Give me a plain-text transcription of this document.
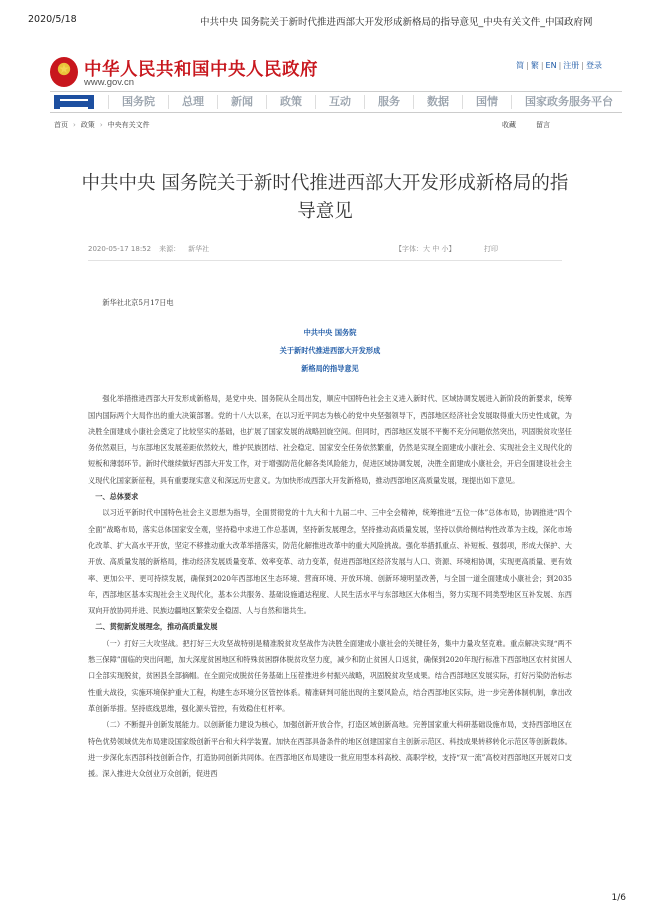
2020/5/18	中共中央 国务院关于新时代推进西部大开发形成新格局的指导意见_中央有关文件_中国政府网
中华人民共和国中央人民政府
www.gov.cn
简 | 繁 | EN | 注册 | 登录
国务院	总理	新闻	政策	互动	服务	数据	国情	国家政务服务平台
首页 › 政策 › 中央有关文件	收藏	留言
中共中央 国务院关于新时代推进西部大开发形成新格局的指导意见
2020-05-17 18:52 来源： 新华社	【字体：大 中 小】	打印

新华社北京5月17日电

中共中央 国务院

关于新时代推进西部大开发形成

新格局的指导意见

强化举措推进西部大开发形成新格局，是党中央、国务院从全局出发，顺应中国特色社会主义进入新时代、区域协调发展进入新阶段的新要求，统筹国内国际两个大局作出的重大决策部署。党的十八大以来，在以习近平同志为核心的党中央坚强领导下，西部地区经济社会发展取得重大历史性成就，为决胜全面建成小康社会奠定了比较坚实的基础，也扩展了国家发展的战略回旋空间。但同时，西部地区发展不平衡不充分问题依然突出，巩固脱贫攻坚任务依然艰巨，与东部地区发展差距依然较大，维护民族团结、社会稳定、国家安全任务依然繁重，仍然是实现全面建成小康社会、实现社会主义现代化的短板和薄弱环节。新时代继续做好西部大开发工作，对于增强防范化解各类风险能力，促进区域协调发展，决胜全面建成小康社会，开启全面建设社会主义现代化国家新征程，具有重要现实意义和深远历史意义。为加快形成西部大开发新格局，推动西部地区高质量发展，现提出如下意见。

一、总体要求

以习近平新时代中国特色社会主义思想为指导，全面贯彻党的十九大和十九届二中、三中全会精神，统筹推进“五位一体”总体布局，协调推进“四个全面”战略布局，落实总体国家安全观，坚持稳中求进工作总基调，坚持新发展理念，坚持推动高质量发展，坚持以供给侧结构性改革为主线，深化市场化改革、扩大高水平开放，坚定不移推动重大改革举措落实，防范化解推进改革中的重大风险挑战。强化举措抓重点、补短板、强弱项，形成大保护、大开放、高质量发展的新格局，推动经济发展质量变革、效率变革、动力变革，促进西部地区经济发展与人口、资源、环境相协调，实现更高质量、更有效率、更加公平、更可持续发展，确保到2020年西部地区生态环境、营商环境、开放环境、创新环境明显改善，与全国一道全面建成小康社会；到2035年，西部地区基本实现社会主义现代化，基本公共服务、基础设施通达程度、人民生活水平与东部地区大体相当，努力实现不同类型地区互补发展、东西双向开放协同并进、民族边疆地区繁荣安全稳固、人与自然和谐共生。

二、贯彻新发展理念，推动高质量发展

（一）打好三大攻坚战。把打好三大攻坚战特别是精准脱贫攻坚战作为决胜全面建成小康社会的关键任务，集中力量攻坚克难。重点解决实现“两不愁三保障”面临的突出问题，加大深度贫困地区和特殊贫困群体脱贫攻坚力度，减少和防止贫困人口返贫，确保到2020年现行标准下西部地区农村贫困人口全部实现脱贫，贫困县全部摘帽。在全面完成脱贫任务基础上压茬推进乡村振兴战略，巩固脱贫攻坚成果。结合西部地区发展实际，打好污染防治标志性重大战役，实施环境保护重大工程，构建生态环境分区管控体系。精准研判可能出现的主要风险点，结合西部地区实际，进一步完善体制机制，拿出改革创新举措。坚持底线思维，强化源头管控，有效稳住杠杆率。

（二）不断提升创新发展能力。以创新能力建设为核心，加强创新开放合作，打造区域创新高地。完善国家重大科研基础设施布局，支持西部地区在特色优势领域优先布局建设国家级创新平台和大科学装置。加快在西部具备条件的地区创建国家自主创新示范区、科技成果转移转化示范区等创新载体。进一步深化东西部科技创新合作，打造协同创新共同体。在西部地区布局建设一批应用型本科高校、高职学校，支持“双一流”高校对西部地区开展对口支援。深入推进大众创业万众创新，促进西

1/6
